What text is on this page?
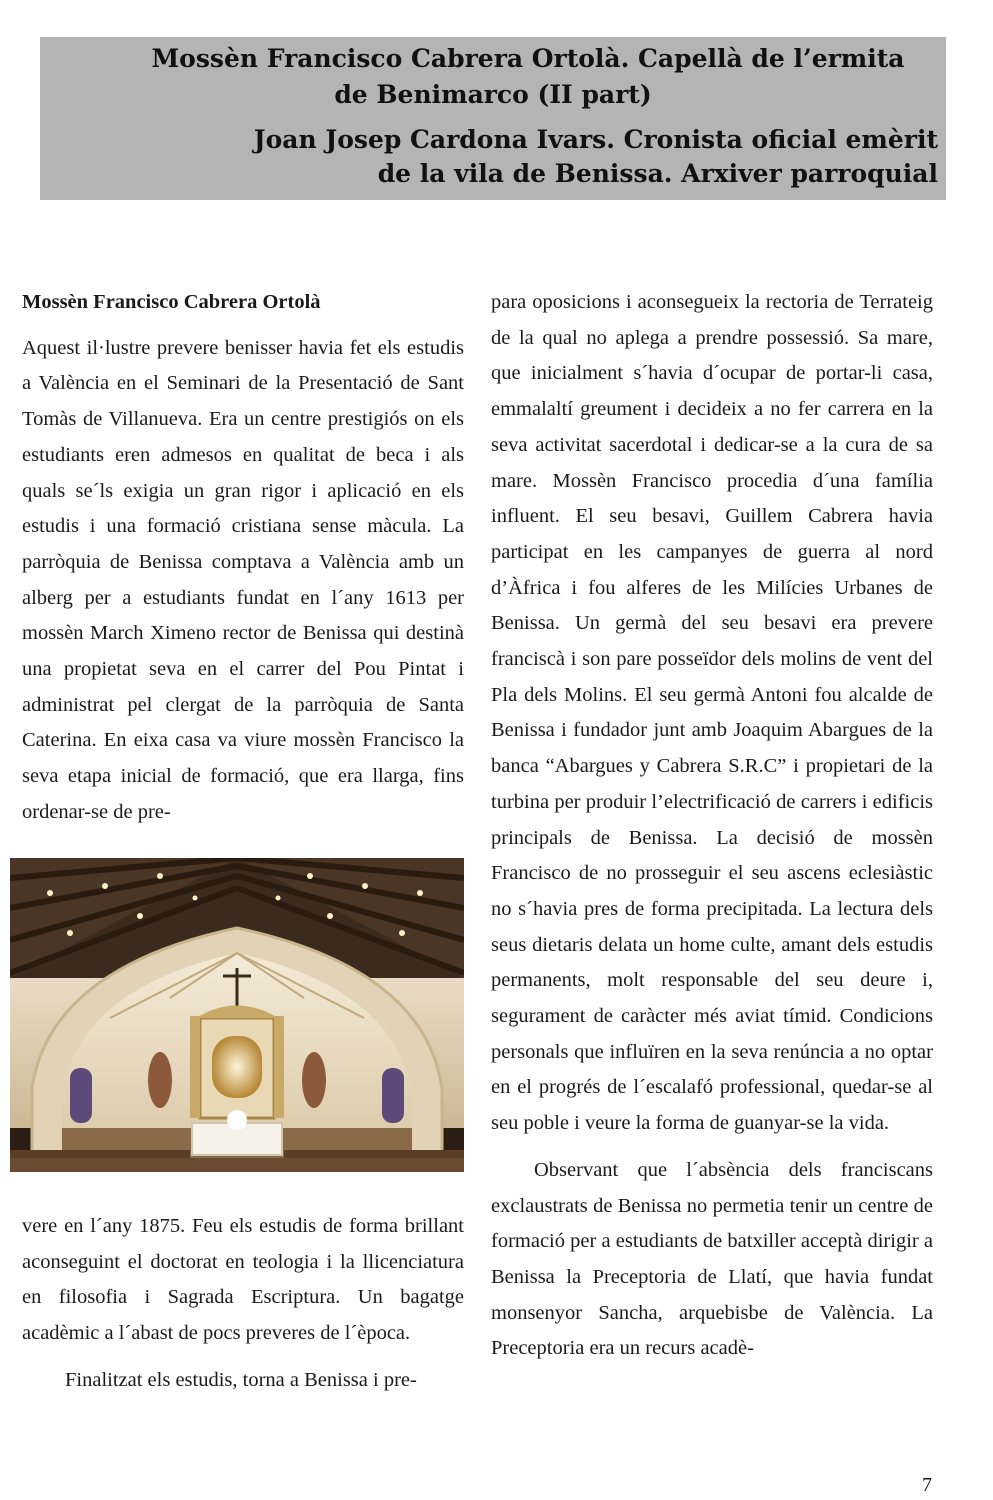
Mossèn Francisco Cabrera Ortolà. Capellà de l’ermita

de Benimarco (II part)

Joan Josep Cardona Ivars. Cronista oficial emèrit

de la vila de Benissa. Arxiver parroquial

Mossèn Francisco Cabrera Ortolà

Aquest il·lustre prevere benisser havia fet els estudis a València en el Seminari de la Presentació de Sant Tomàs de Villanueva. Era un centre prestigiós on els estudiants eren admesos en qualitat de beca i als quals se´ls exigia un gran rigor i aplicació en els estudis i una formació cristiana sense màcula. La parròquia de Benissa comptava a València amb un alberg per a estudiants fundat en l´any 1613 per mossèn March Ximeno rector de Benissa qui destinà una propietat seva en el carrer del Pou Pintat i administrat pel clergat de la parròquia de Santa Caterina. En eixa casa va viure mossèn Francisco la seva etapa inicial de formació, que era llarga, fins ordenar-se de pre-

vere en l´any 1875. Feu els estudis de forma brillant aconseguint el doctorat en teologia i la llicenciatura en filosofia i Sagrada Escriptura. Un bagatge acadèmic a l´abast de pocs preveres de l´època.

Finalitzat els estudis, torna a Benissa i pre-

para oposicions i aconsegueix la rectoria de Terrateig de la qual no aplega a prendre possessió. Sa mare, que inicialment s´havia d´ocupar de portar-li casa, emmalaltí greument i decideix a no fer carrera en la seva activitat sacerdotal i dedicar-se a la cura de sa mare. Mossèn Francisco procedia d´una família influent. El seu besavi, Guillem Cabrera havia participat en les campanyes de guerra al nord d’Àfrica i fou alferes de les Milícies Urbanes de Benissa. Un germà del seu besavi era prevere franciscà i son pare posseïdor dels molins de vent del Pla dels Molins. El seu germà Antoni fou alcalde de Benissa i fundador junt amb Joaquim Abargues de la banca “Abargues y Cabrera S.R.C” i propietari de la turbina per produir l’electrificació de carrers i edificis principals de Benissa. La decisió de mossèn Francisco de no prosseguir el seu ascens eclesiàstic no s´havia pres de forma precipitada. La lectura dels seus dietaris delata un home culte, amant dels estudis permanents, molt responsable del seu deure i, segurament de caràcter més aviat tímid. Condicions personals que influïren en la seva renúncia a no optar en el progrés de l´escalafó professional, quedar-se al seu poble i veure la forma de guanyar-se la vida.

Observant que l´absència dels franciscans exclaustrats de Benissa no permetia tenir un centre de formació per a estudiants de batxiller acceptà dirigir a Benissa la Preceptoria de Llatí, que havia fundat monsenyor Sancha, arquebisbe de València. La Preceptoria era un recurs acadè-

7
